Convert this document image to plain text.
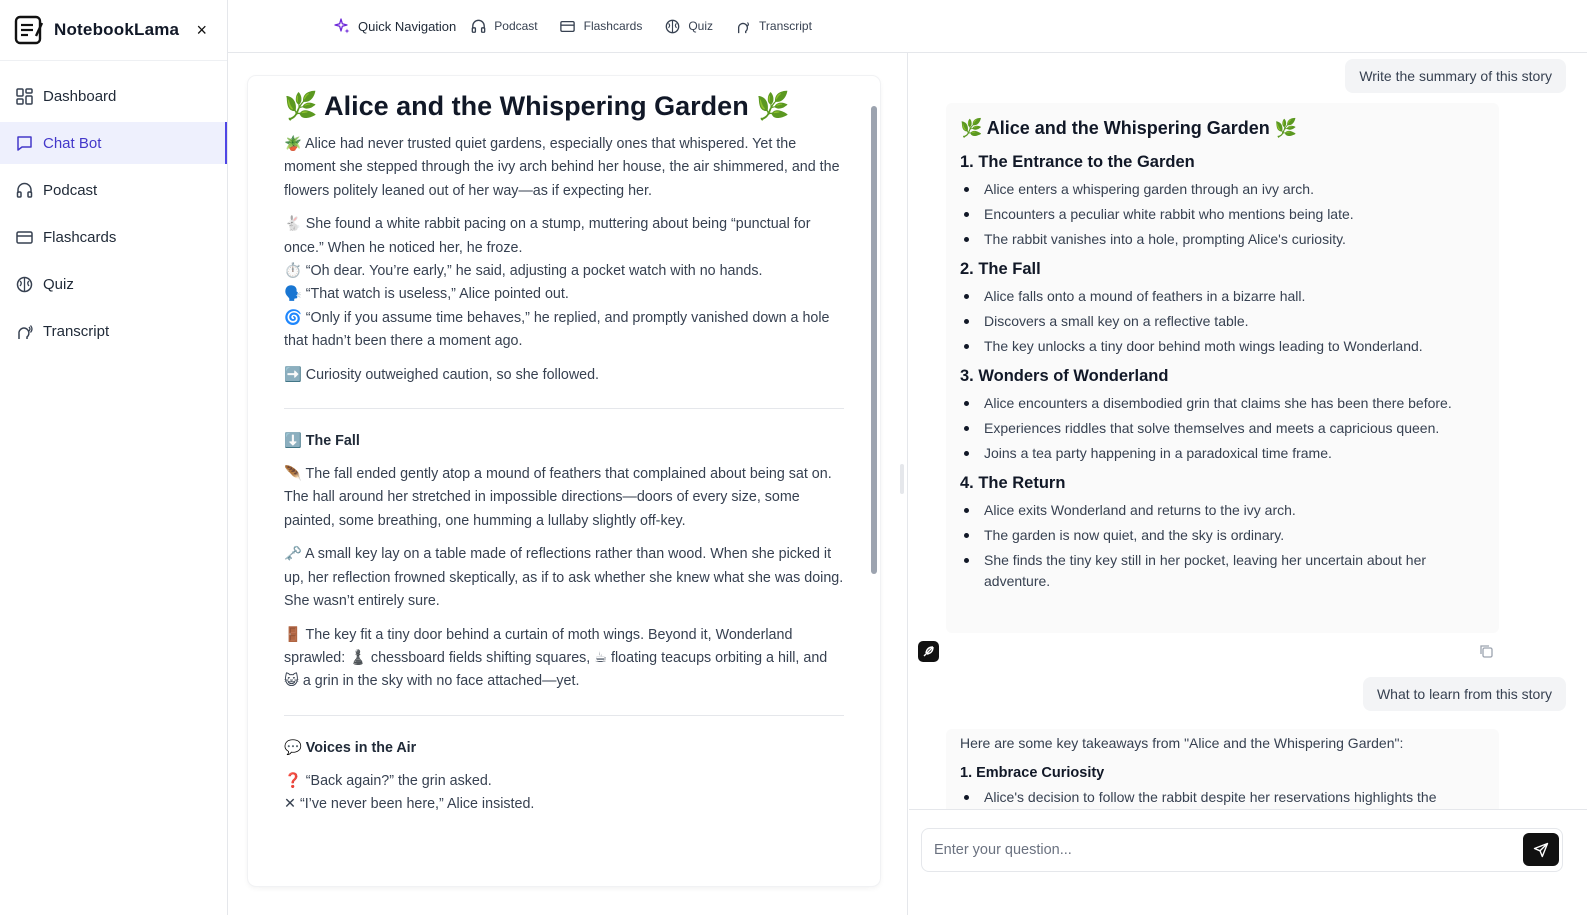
NotebookLama ×
Dashboard
Chat Bot
Podcast
Flashcards
Quiz
Transcript
Quick Navigation	Podcast	Flashcards	Quiz	Transcript
🌿 Alice and the Whispering Garden 🌿

🪴 Alice had never trusted quiet gardens, especially ones that whispered. Yet the moment she stepped through the ivy arch behind her house, the air shimmered, and the flowers politely leaned out of her way—as if expecting her.

🐇 She found a white rabbit pacing on a stump, muttering about being “punctual for once.” When he noticed her, he froze.
⏱️ “Oh dear. You’re early,” he said, adjusting a pocket watch with no hands.
🗣️ “That watch is useless,” Alice pointed out.
🌀 “Only if you assume time behaves,” he replied, and promptly vanished down a hole that hadn’t been there a moment ago.

➡️ Curiosity outweighed caution, so she followed.

⬇️ The Fall

🪶 The fall ended gently atop a mound of feathers that complained about being sat on. The hall around her stretched in impossible directions—doors of every size, some painted, some breathing, one humming a lullaby slightly off-key.

🗝️ A small key lay on a table made of reflections rather than wood. When she picked it up, her reflection frowned skeptically, as if to ask whether she knew what she was doing. She wasn’t entirely sure.

🚪 The key fit a tiny door behind a curtain of moth wings. Beyond it, Wonderland sprawled: ♟️ chessboard fields shifting squares, ☕ floating teacups orbiting a hill, and 😺 a grin in the sky with no face attached—yet.

💬 Voices in the Air

❓ “Back again?” the grin asked.
✕ “I’ve never been here,” Alice insisted.

Write the summary of this story
🌿 Alice and the Whispering Garden 🌿
1. The Entrance to the Garden
Alice enters a whispering garden through an ivy arch.
Encounters a peculiar white rabbit who mentions being late.
The rabbit vanishes into a hole, prompting Alice's curiosity.
2. The Fall
Alice falls onto a mound of feathers in a bizarre hall.
Discovers a small key on a reflective table.
The key unlocks a tiny door behind moth wings leading to Wonderland.
3. Wonders of Wonderland
Alice encounters a disembodied grin that claims she has been there before.
Experiences riddles that solve themselves and meets a capricious queen.
Joins a tea party happening in a paradoxical time frame.
4. The Return
Alice exits Wonderland and returns to the ivy arch.
The garden is now quiet, and the sky is ordinary.
She finds the tiny key still in her pocket, leaving her uncertain about her adventure.
What to learn from this story
Here are some key takeaways from "Alice and the Whispering Garden":
1. Embrace Curiosity
Alice's decision to follow the rabbit despite her reservations highlights the
Enter your question...
